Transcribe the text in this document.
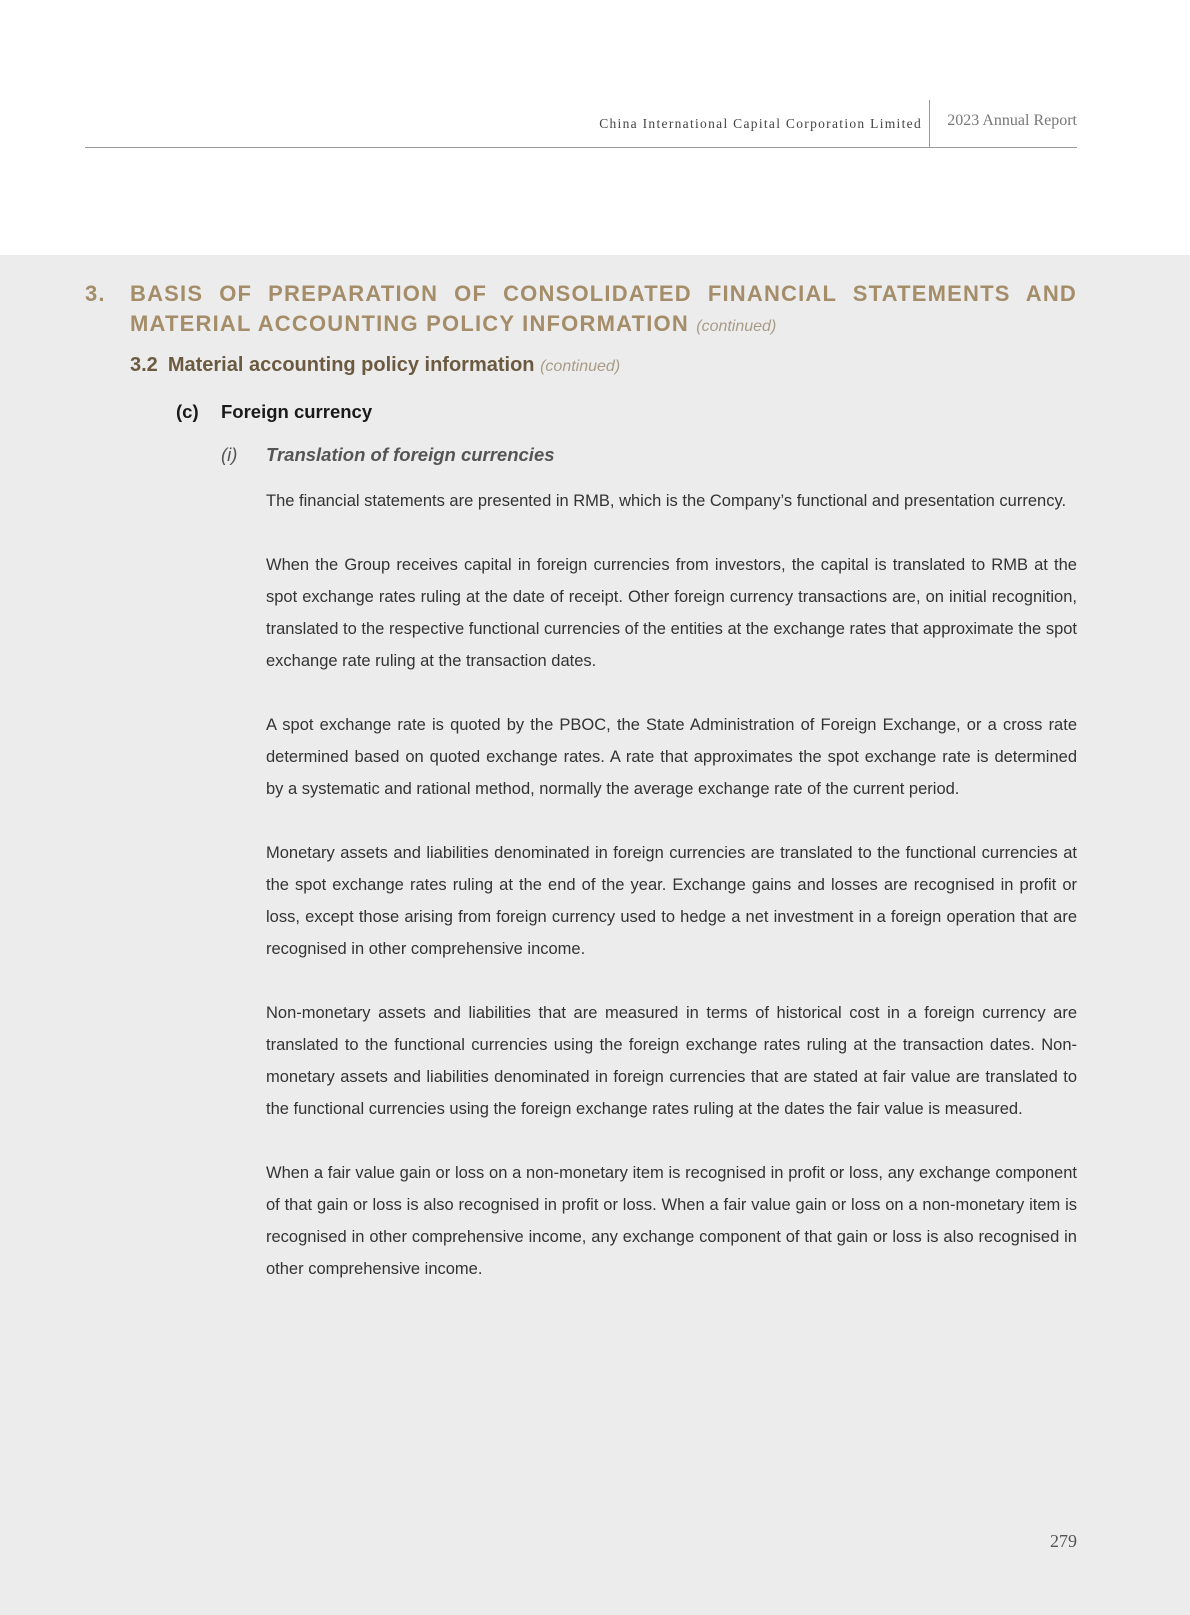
China International Capital Corporation Limited 2023 Annual Report
3. BASIS OF PREPARATION OF CONSOLIDATED FINANCIAL STATEMENTS AND MATERIAL ACCOUNTING POLICY INFORMATION (continued)
3.2 Material accounting policy information (continued)
(c) Foreign currency
(i) Translation of foreign currencies

The financial statements are presented in RMB, which is the Company’s functional and presentation currency.

When the Group receives capital in foreign currencies from investors, the capital is translated to RMB at the spot exchange rates ruling at the date of receipt. Other foreign currency transactions are, on initial recognition, translated to the respective functional currencies of the entities at the exchange rates that approximate the spot exchange rate ruling at the transaction dates.

A spot exchange rate is quoted by the PBOC, the State Administration of Foreign Exchange, or a cross rate determined based on quoted exchange rates. A rate that approximates the spot exchange rate is determined by a systematic and rational method, normally the average exchange rate of the current period.

Monetary assets and liabilities denominated in foreign currencies are translated to the functional currencies at the spot exchange rates ruling at the end of the year. Exchange gains and losses are recognised in profit or loss, except those arising from foreign currency used to hedge a net investment in a foreign operation that are recognised in other comprehensive income.

Non-monetary assets and liabilities that are measured in terms of historical cost in a foreign currency are translated to the functional currencies using the foreign exchange rates ruling at the transaction dates. Non-monetary assets and liabilities denominated in foreign currencies that are stated at fair value are translated to the functional currencies using the foreign exchange rates ruling at the dates the fair value is measured.

When a fair value gain or loss on a non-monetary item is recognised in profit or loss, any exchange component of that gain or loss is also recognised in profit or loss. When a fair value gain or loss on a non-monetary item is recognised in other comprehensive income, any exchange component of that gain or loss is also recognised in other comprehensive income.

279
